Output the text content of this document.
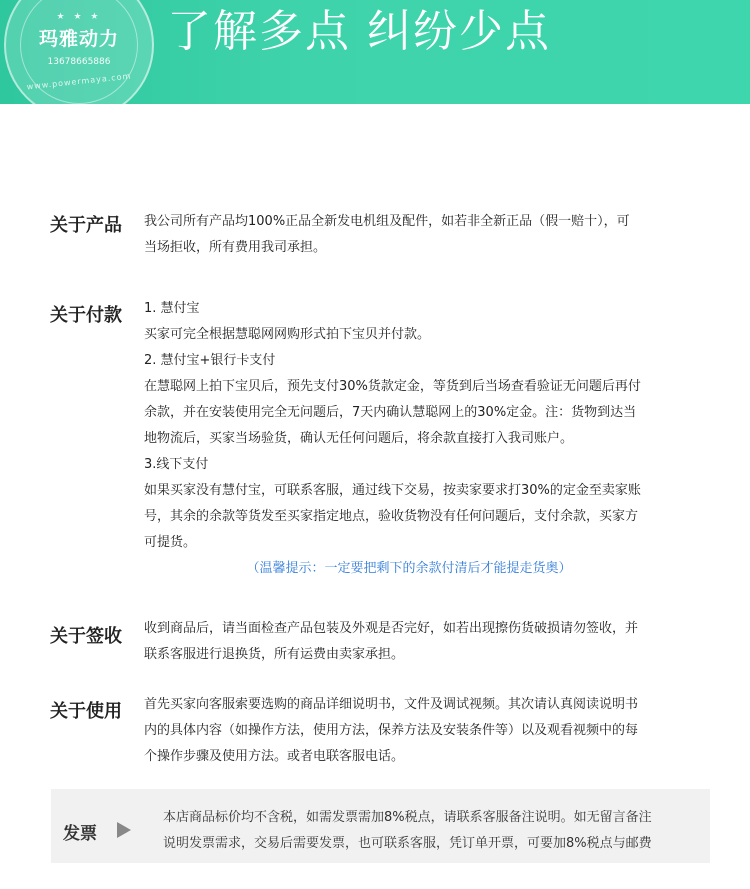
★ ★ ★
玛雅动力
13678665886
www.powermaya.com
了解多点 纠纷少点
关于产品 我公司所有产品均100%正品全新发电机组及配件，如若非全新正品（假一赔十），可

当场拒收，所有费用我司承担。

关于付款 1. 慧付宝

买家可完全根据慧聪网网购形式拍下宝贝并付款。

2. 慧付宝+银行卡支付

在慧聪网上拍下宝贝后，预先支付30%货款定金，等货到后当场查看验证无问题后再付

余款，并在安装使用完全无问题后，7天内确认慧聪网上的30%定金。注：货物到达当

地物流后，买家当场验货，确认无任何问题后，将余款直接打入我司账户。

3.线下支付

如果买家没有慧付宝，可联系客服，通过线下交易，按卖家要求打30%的定金至卖家账

号，其余的余款等货发至买家指定地点，验收货物没有任何问题后，支付余款，买家方

可提货。

（温馨提示：一定要把剩下的余款付清后才能提走货奥）

关于签收 收到商品后，请当面检查产品包装及外观是否完好，如若出现擦伤货破损请勿签收，并

联系客服进行退换货，所有运费由卖家承担。

关于使用 首先买家向客服索要选购的商品详细说明书，文件及调试视频。其次请认真阅读说明书

内的具体内容（如操作方法，使用方法，保养方法及安装条件等）以及观看视频中的每

个操作步骤及使用方法。或者电联客服电话。

发票

本店商品标价均不含税，如需发票需加8%税点，请联系客服备注说明。如无留言备注

说明发票需求，交易后需要发票，也可联系客服，凭订单开票，可要加8%税点与邮费
